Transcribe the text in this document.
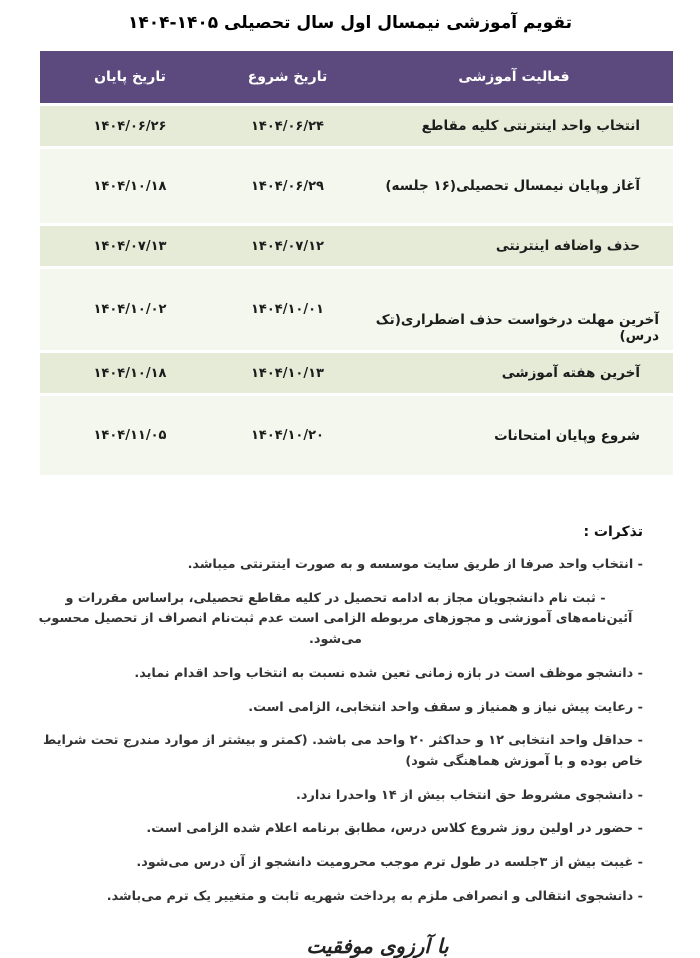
تقویم آموزشی نیمسال اول سال تحصیلی ۱۴۰۵-۱۴۰۴
فعالیت آموزشی	تاریخ شروع	تاریخ پایان
انتخاب واحد اینترنتی کلیه مقاطع	۱۴۰۴/۰۶/۲۴	۱۴۰۴/۰۶/۲۶
آغاز وپایان نیمسال تحصیلی(۱۶ جلسه)	۱۴۰۴/۰۶/۲۹	۱۴۰۴/۱۰/۱۸
حذف واضافه اینترنتی	۱۴۰۴/۰۷/۱۲	۱۴۰۴/۰۷/۱۳
آخرین مهلت درخواست حذف اضطراری(تک درس)	۱۴۰۴/۱۰/۰۱	۱۴۰۴/۱۰/۰۲
آخرین هفته آموزشی	۱۴۰۴/۱۰/۱۳	۱۴۰۴/۱۰/۱۸
شروع وپایان امتحانات	۱۴۰۴/۱۰/۲۰	۱۴۰۴/۱۱/۰۵
تذکرات :
- انتخاب واحد صرفا از طریق سایت موسسه و به صورت اینترنتی میباشد.
- ثبت نام دانشجویان مجاز به ادامه تحصیل در کلیه مقاطع تحصیلی، براساس مقررات و آئین‌نامه‌های آموزشی و مجوزهای مربوطه الزامی است عدم ثبت‌نام انصراف از تحصیل محسوب می‌شود.
- دانشجو موظف است در بازه زمانی تعین شده نسبت به انتخاب واحد اقدام نماید.
- رعایت پیش نیاز و همنیاز و سقف واحد انتخابی، الزامی است.
- حداقل واحد انتخابی ۱۲ و حداکثر ۲۰ واحد می باشد. (کمتر و بیشتر از موارد مندرج تحت شرایط خاص بوده و با آموزش هماهنگی شود)
- دانشجوی مشروط حق انتخاب بیش از ۱۴ واحدرا ندارد.
- حضور در اولین روز شروع کلاس درس، مطابق برنامه اعلام شده الزامی است.
- غیبت بیش از ۳جلسه در طول ترم موجب محرومیت دانشجو از آن درس می‌شود.
- دانشجوی انتقالی و انصرافی ملزم به پرداخت شهریه ثابت و متغییر یک ترم می‌باشد.
با آرزوی موفقیت
